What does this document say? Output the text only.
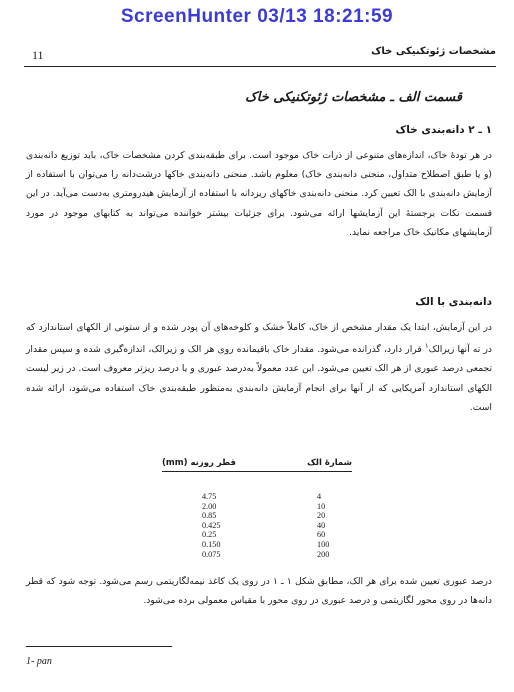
ScreenHunter 03/13 18:21:59
11	مشخصات ژئوتکنیکی خاک
قسمت الف ـ مشخصات ژئوتکنیکی خاک
۱ ـ ۲ دانه‌بندی خاک

در هر تودهٔ خاک، اندازه‌های متنوعی از ذرات خاک موجود است. برای طبقه‌بندی کردن مشخصات خاک، باید توزیع دانه‌بندی (و یا طبق اصطلاح متداول، منحنی دانه‌بندی خاک) معلوم باشد. منحنی دانه‌بندی خاکها درشت‌دانه را می‌توان با استفاده از آزمایش دانه‌بندی با الک تعیین کرد. منحنی دانه‌بندی خاکهای ریزدانه با استفاده از آزمایش هیدرومتری به‌دست می‌آید. در این قسمت نکات برجستهٔ این آزمایشها ارائه می‌شود. برای جزئیات بیشتر خواننده می‌تواند به کتابهای موجود در مورد آزمایشهای مکانیک خاک مراجعه نماید.

دانه‌بندی با الک

در این آزمایش، ابتدا یک مقدار مشخص از خاک، کاملاً خشک و کلوخه‌های آن پودر شده و از ستونی از الکهای استاندارد که در ته آنها زیرالک$^۱$ قرار دارد، گذرانده می‌شود. مقدار خاک باقیمانده روی هر الک و زیرالک، اندازه‌گیری شده و سپس مقدار تجمعی درصد عبوری از هر الک تعیین می‌شود. این عدد معمولاً به‌درصد عبوری و یا درصد ریزتر معروف است. در زیر لیست الکهای استاندارد آمریکایی که از آنها برای انجام آزمایش دانه‌بندی به‌منظور طبقه‌بندی خاک استفاده می‌شود، ارائه شده است.

قطر روزنه (mm)	شمارهٔ الک
4.75	4
2.00	10
0.85	20
0.425	40
0.25	60
0.150	100
0.075	200

درصد عبوری تعیین شده برای هر الک، مطابق شکل ۱ ـ ۱ در روی یک کاغذ نیمه‌لگاریتمی رسم می‌شود. توجه شود که قطر دانه‌ها در روی محور لگاریتمی و درصد عبوری در روی محور با مقیاس معمولی برده می‌شود.

1- pan
